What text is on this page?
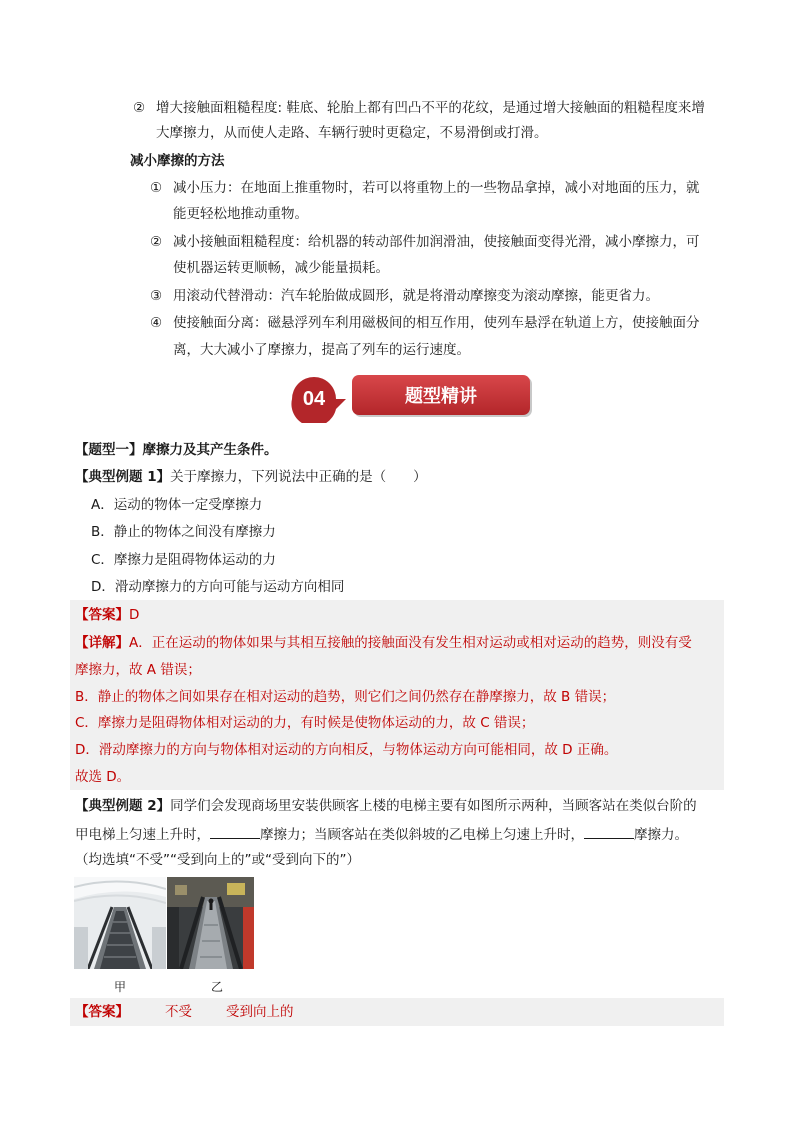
② 增大接触面粗糙程度: 鞋底、轮胎上都有凹凸不平的花纹，是通过增大接触面的粗糙程度来增
大摩擦力，从而使人走路、车辆行驶时更稳定，不易滑倒或打滑。
减小摩擦的方法
① 减小压力：在地面上推重物时，若可以将重物上的一些物品拿掉，减小对地面的压力，就
能更轻松地推动重物。
② 减小接触面粗糙程度：给机器的转动部件加润滑油，使接触面变得光滑，减小摩擦力，可
使机器运转更顺畅，减少能量损耗。
③ 用滚动代替滑动：汽车轮胎做成圆形，就是将滑动摩擦变为滚动摩擦，能更省力。
④ 使接触面分离：磁悬浮列车利用磁极间的相互作用，使列车悬浮在轨道上方，使接触面分
离，大大减小了摩擦力，提高了列车的运行速度。
04	题型精讲
【题型一】摩擦力及其产生条件。
【典型例题 1】关于摩擦力，下列说法中正确的是（　　）
A．运动的物体一定受摩擦力
B．静止的物体之间没有摩擦力
C．摩擦力是阻碍物体运动的力
D．滑动摩擦力的方向可能与运动方向相同
【答案】D
【详解】A．正在运动的物体如果与其相互接触的接触面没有发生相对运动或相对运动的趋势，则没有受
摩擦力，故 A 错误；
B．静止的物体之间如果存在相对运动的趋势，则它们之间仍然存在静摩擦力，故 B 错误；
C．摩擦力是阻碍物体相对运动的力，有时候是使物体运动的力，故 C 错误；
D．滑动摩擦力的方向与物体相对运动的方向相反，与物体运动方向可能相同，故 D 正确。
故选 D。
【典型例题 2】同学们会发现商场里安装供顾客上楼的电梯主要有如图所示两种，当顾客站在类似台阶的
甲电梯上匀速上升时，	摩擦力；当顾客站在类似斜坡的乙电梯上匀速上升时，	摩擦力。
（均选填“不受”“受到向上的”或“受到向下的”）
甲	乙
【答案】	不受	受到向上的
